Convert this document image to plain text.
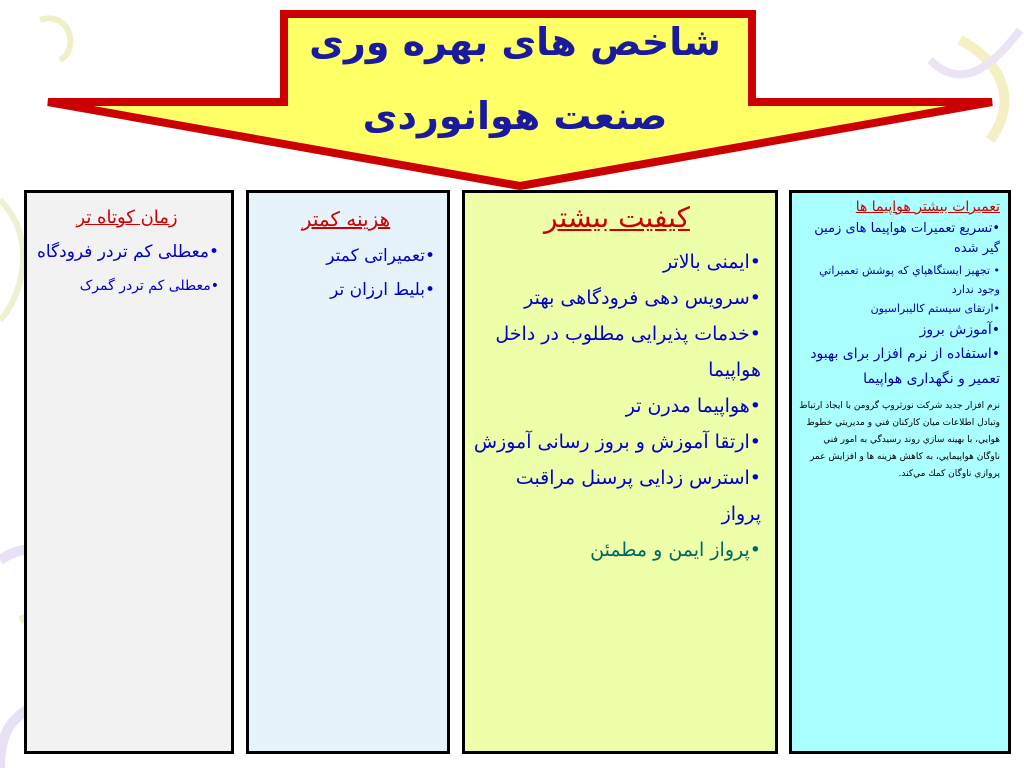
شاخص های بهره وری
صنعت هوانوردی
تعمیرات بیشتر هواپیما ها
•تسریع تعمیرات هواپیما های زمین گیر شده
• تجهيز ايستگاهپاي كه پوشش تعميراتي وجود ندارد
•ارتقای سیستم کالیبراسیون
•آموزش بروز
•استفاده از نرم افزار برای بهبود تعمیر و نگهداری هواپیما
نرم افزار جديد شركت نورثروپ گرومن با ايجاد ارتباط وتبادل اطلاعات ميان كاركنان فني و مديريتي خطوط هوايي، با بهينه سازي روند رسيدگي به امور فني ناوگان هواپيمايي، به كاهش هزينه ها و افزايش عمر پروازي ناوگان كمك مي‌كند.
کیفیت بیشتر
•ایمنی بالاتر
•سرویس دهی فرودگاهی بهتر
•خدمات پذیرایی مطلوب در داخل هواپیما
•هواپیما مدرن تر
•ارتقا آموزش و بروز رسانی آموزش
•استرس زدایی پرسنل مراقبت پرواز
•پرواز ایمن و مطمئن
هزینه کمتر
•تعمیراتی کمتر
•بلیط ارزان تر
زمان کوتاه تر
•معطلی کم تردر فرودگاه
•معطلی کم تردر گمرک
